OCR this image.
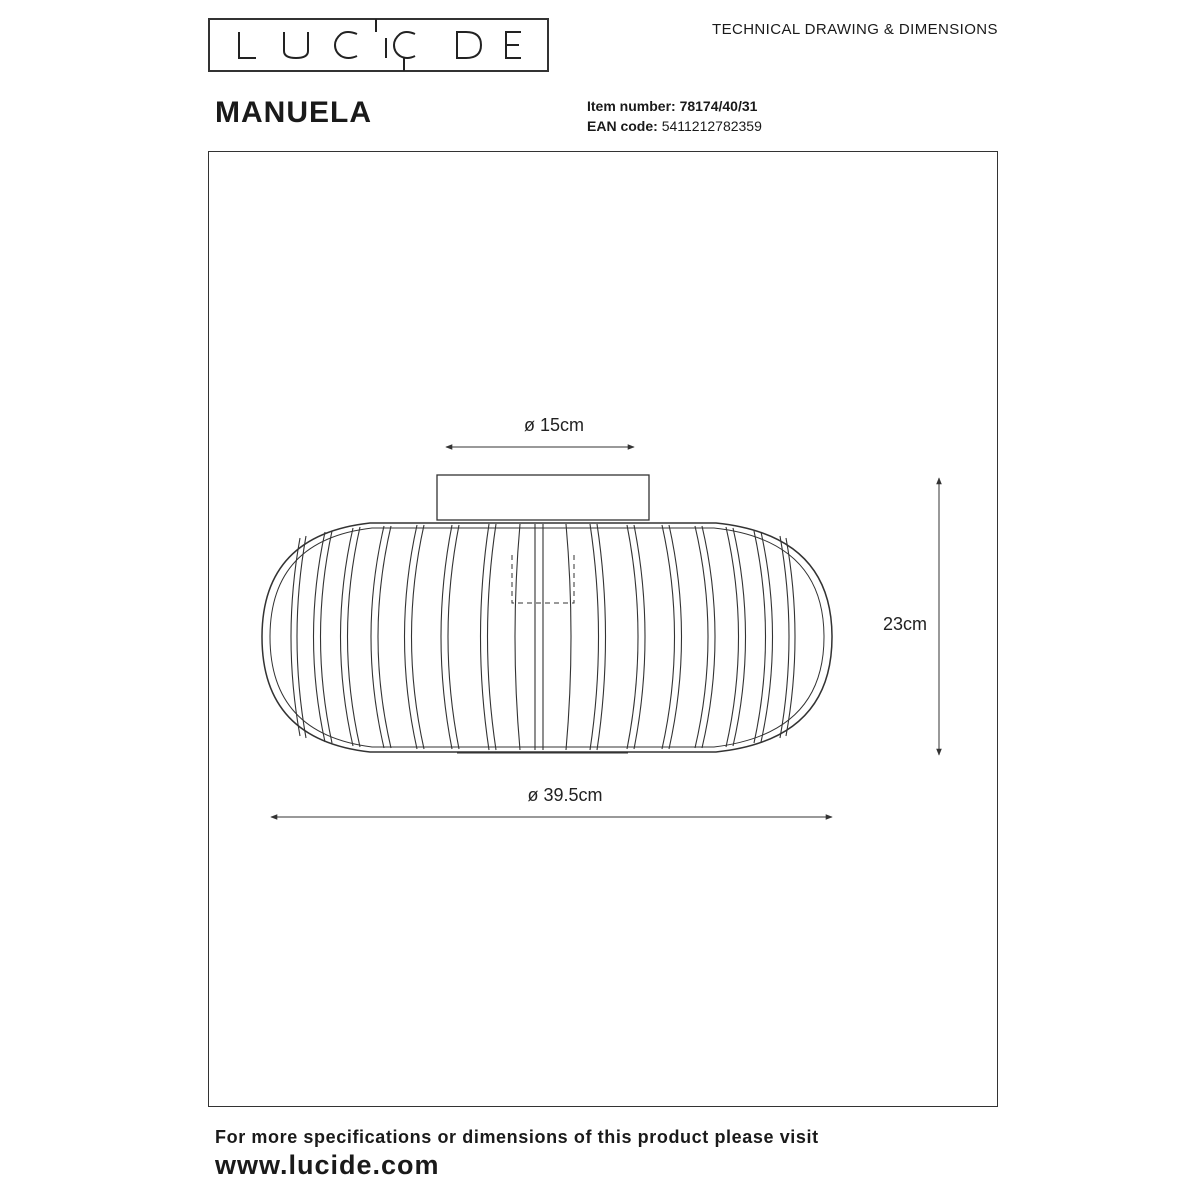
TECHNICAL DRAWING & DIMENSIONS
MANUELA	Item number: 78174/40/31
EAN code: 5411212782359
ø 15cm
23cm
ø 39.5cm
For more specifications or dimensions of this product please visit
www.lucide.com
